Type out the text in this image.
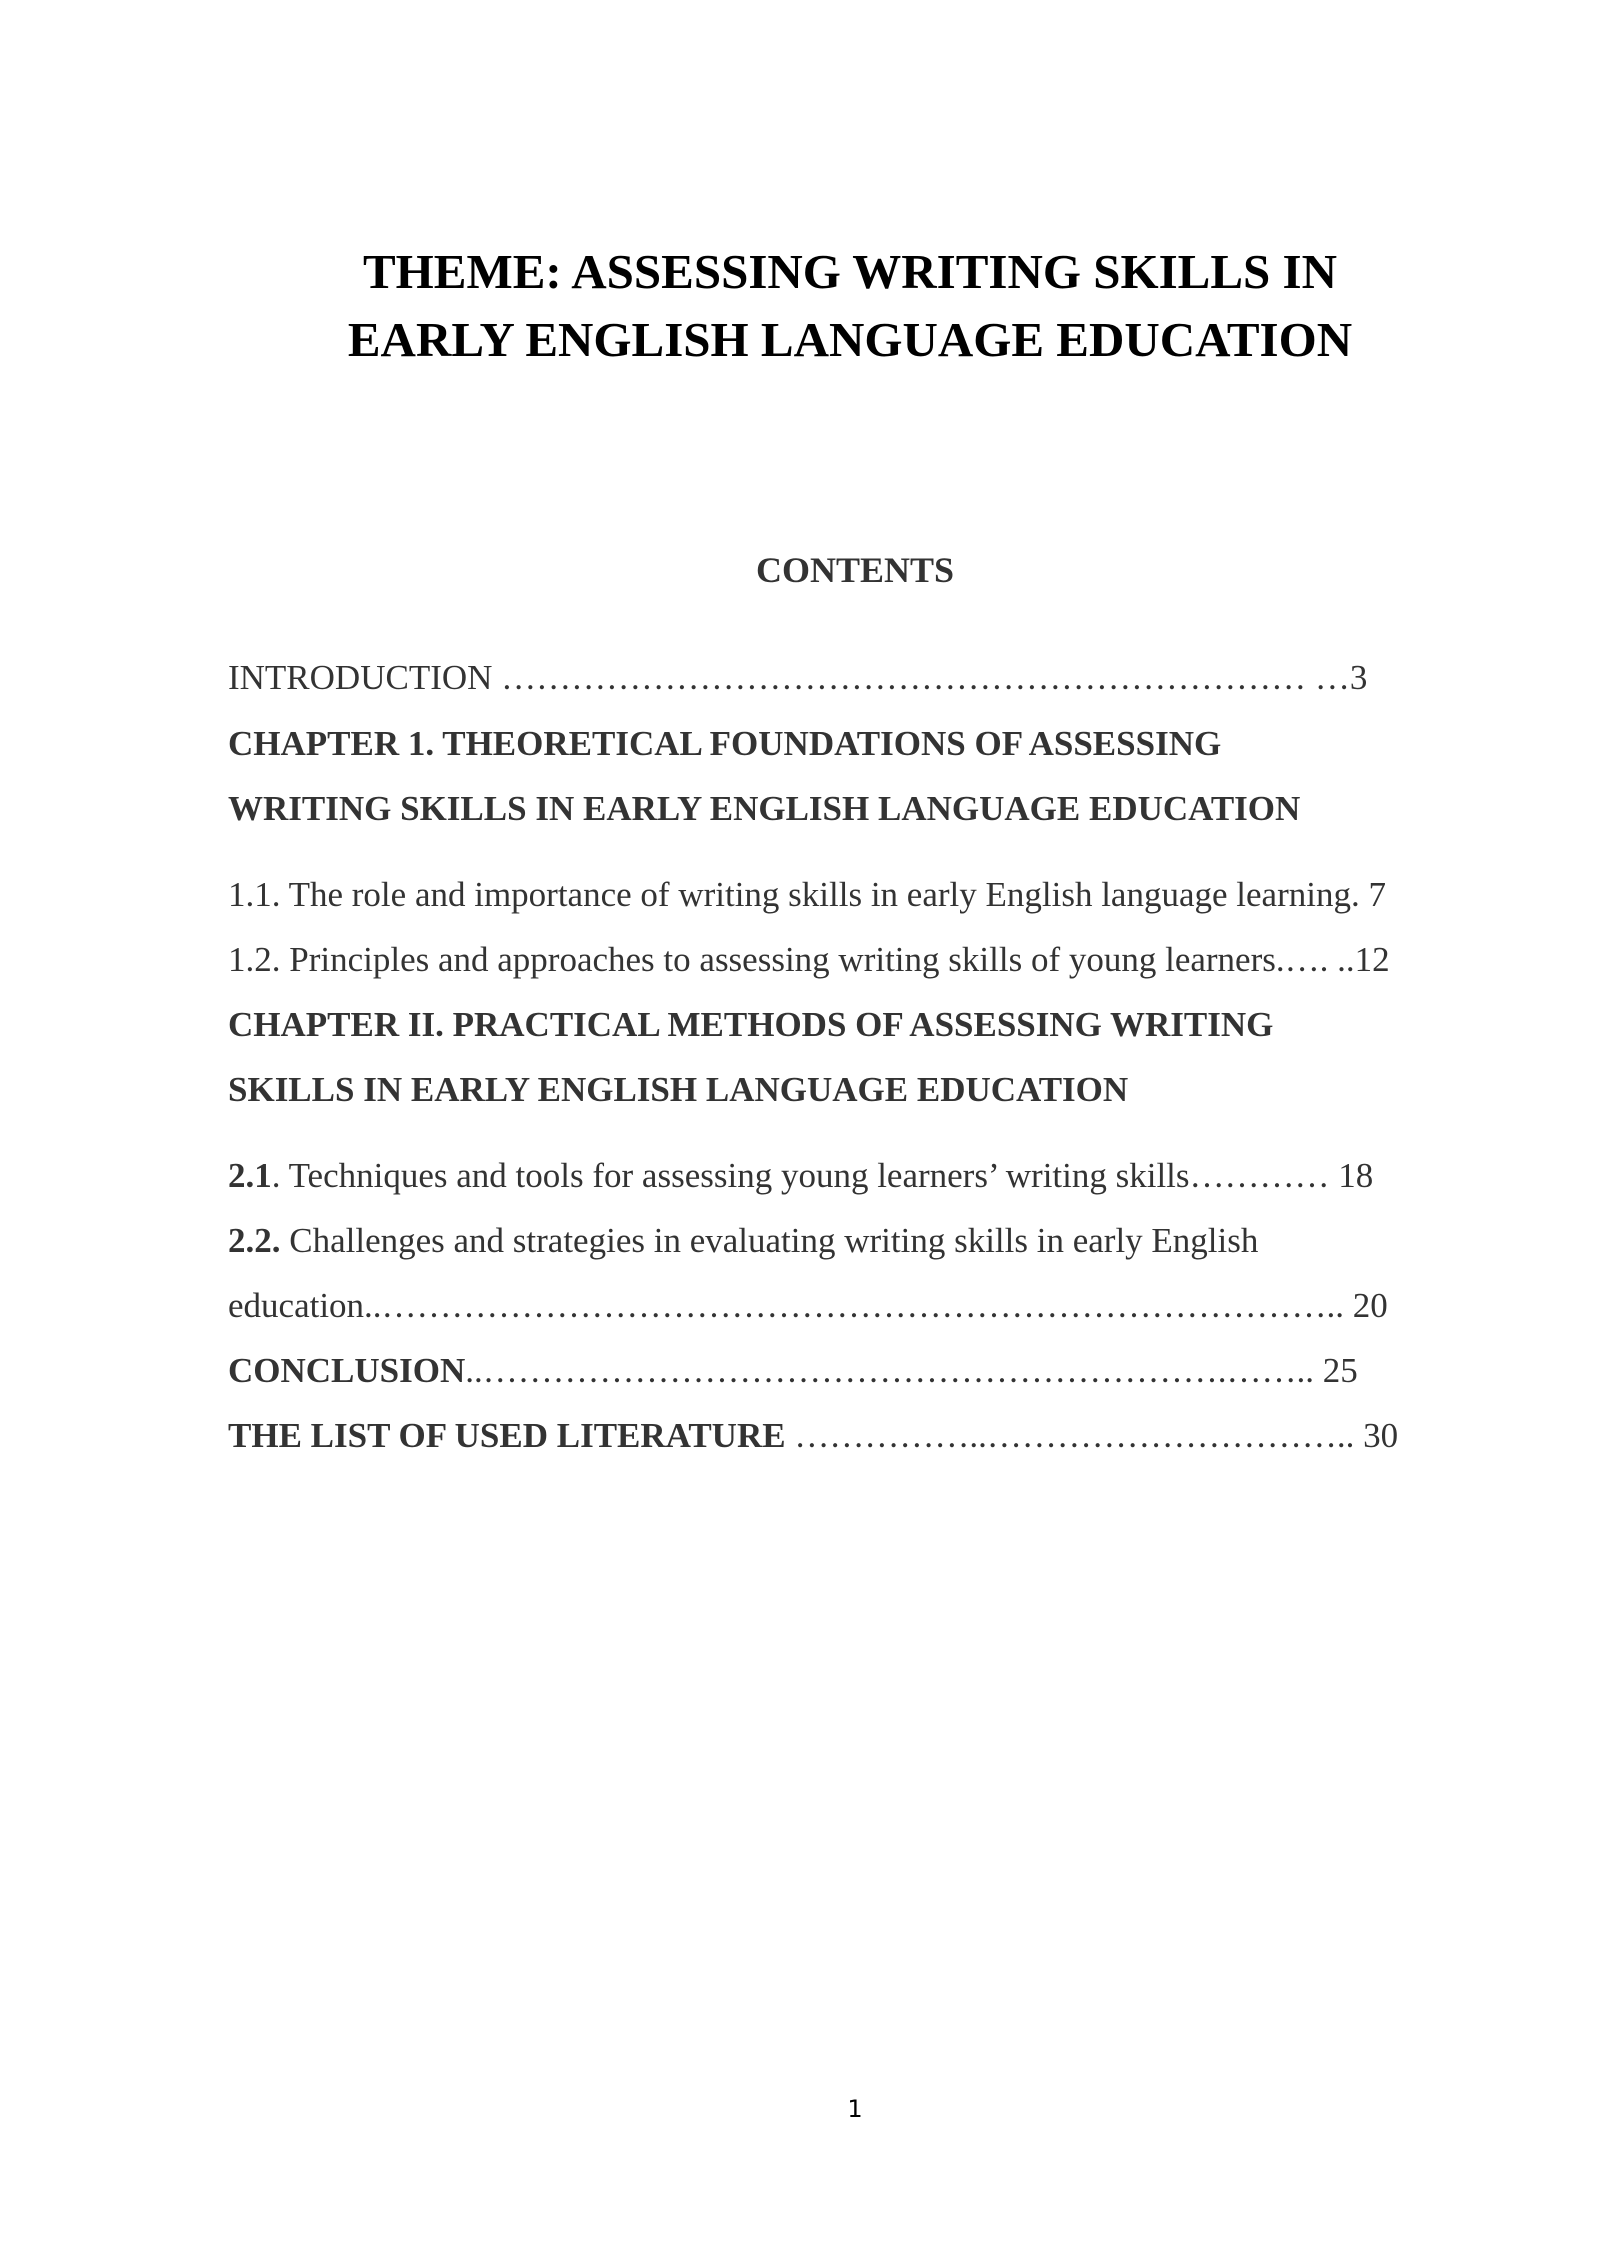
THEME: ASSESSING WRITING SKILLS IN
EARLY ENGLISH LANGUAGE EDUCATION
CONTENTS
INTRODUCTION …………………………………………………………… …3
CHAPTER 1. THEORETICAL FOUNDATIONS OF ASSESSING
WRITING SKILLS IN EARLY ENGLISH LANGUAGE EDUCATION
1.1. The role and importance of writing skills in early English language learning. 7
1.2. Principles and approaches to assessing writing skills of young learners.…. ..12
CHAPTER II. PRACTICAL METHODS OF ASSESSING WRITING
SKILLS IN EARLY ENGLISH LANGUAGE EDUCATION
2.1. Techniques and tools for assessing young learners’ writing skills………… 18
2.2. Challenges and strategies in evaluating writing skills in early English
education..……………………………………………………………………….. 20
CONCLUSION..……………………………………………………….…….. 25
THE LIST OF USED LITERATURE ……………..………………………….. 30
1
